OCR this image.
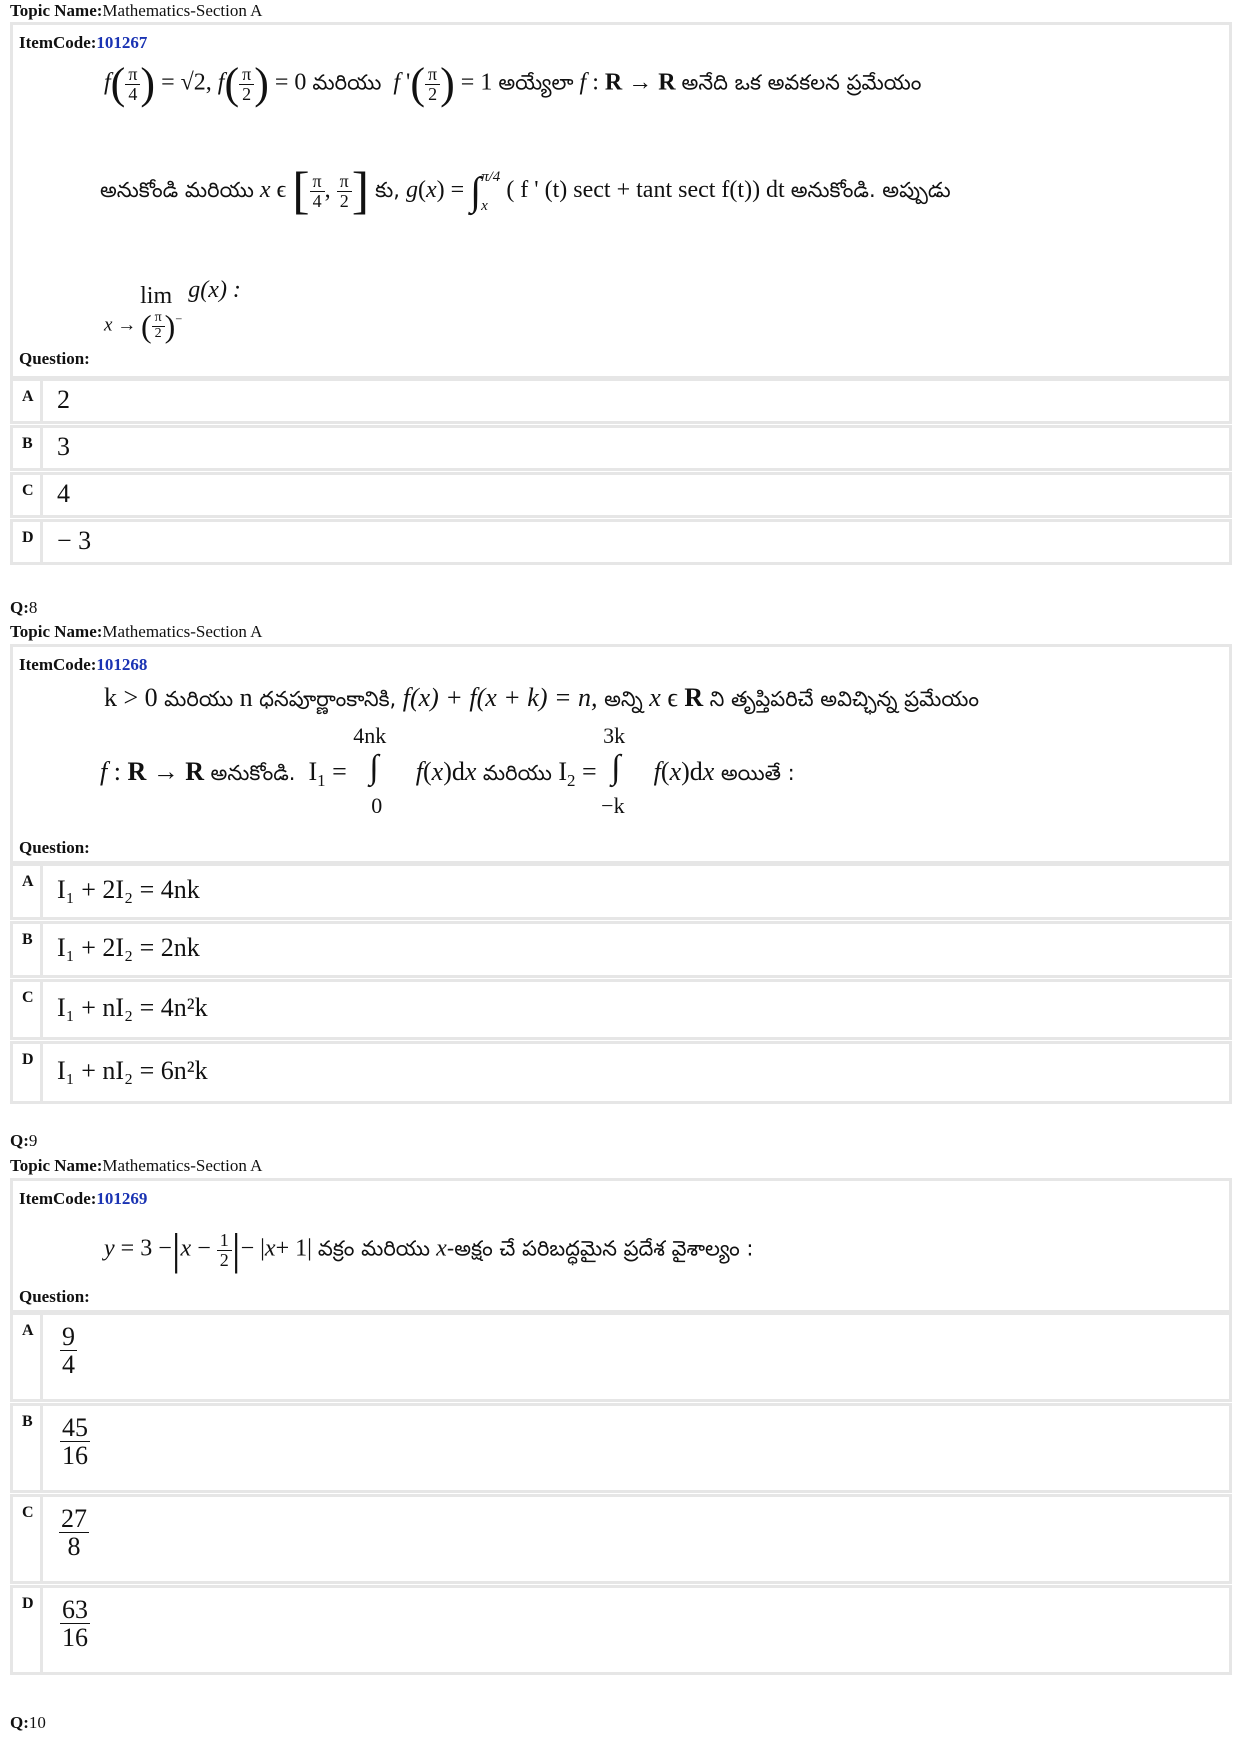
Topic Name:Mathematics-Section A
ItemCode:101267
$f( \frac{\pi}{4}$ ) = √2, $f( \frac{\pi}{2}$ ) = 0 మరియు f '( $\frac{\pi}{2}$ ) = 1 అయ్యేలా f : R → R అనేది ఒక అవకలన ప్రమేయం
అనుకోండి మరియు x ϵ [ $\frac{\pi}{4}$ , $\frac{\pi}{2}$ ] కు, g(x) = ∫ π/4
x
( f ' (t) sect + tant sect f(t)) dt అనుకోండి. అప్పుడు
lim
x → ( $\frac{\pi}{2} )^-$
g(x) :
Question:
A 2
B 3
C 4
D − 3
Q:8
Topic Name:Mathematics-Section A
ItemCode:101268
k > 0 మరియు n ధనపూర్ణాంకానికి, f(x) + f(x + k) = n, అన్ని x ϵ R ని తృప్తిపరిచే అవిచ్ఛిన్న ప్రమేయం
f : R → R అనుకోండి.  $I_1$ =
4nk
∫
0
f(x)dx మరియు $I_2$ =
3k
∫
−k
f(x)dx అయితే :
Question:
A I₁ + 2I₂ = 4nk
B I₁ + 2I₂ = 2nk
C I₁ + nI₂ = 4n²k
D I₁ + nI₂ = 6n²k
Q:9
Topic Name:Mathematics-Section A
ItemCode:101269
$y = 3 -|x - \frac{1}{2}$ |− |x+ 1| వక్రం మరియు x-అక్షం చే పరిబద్ధమైన ప్రదేశ వైశాల్యం :
Question:
A $\frac{9}{4}$
B $\frac{45}{16}$
C $\frac{27}{8}$
D $\frac{63}{16}$
Q:10
